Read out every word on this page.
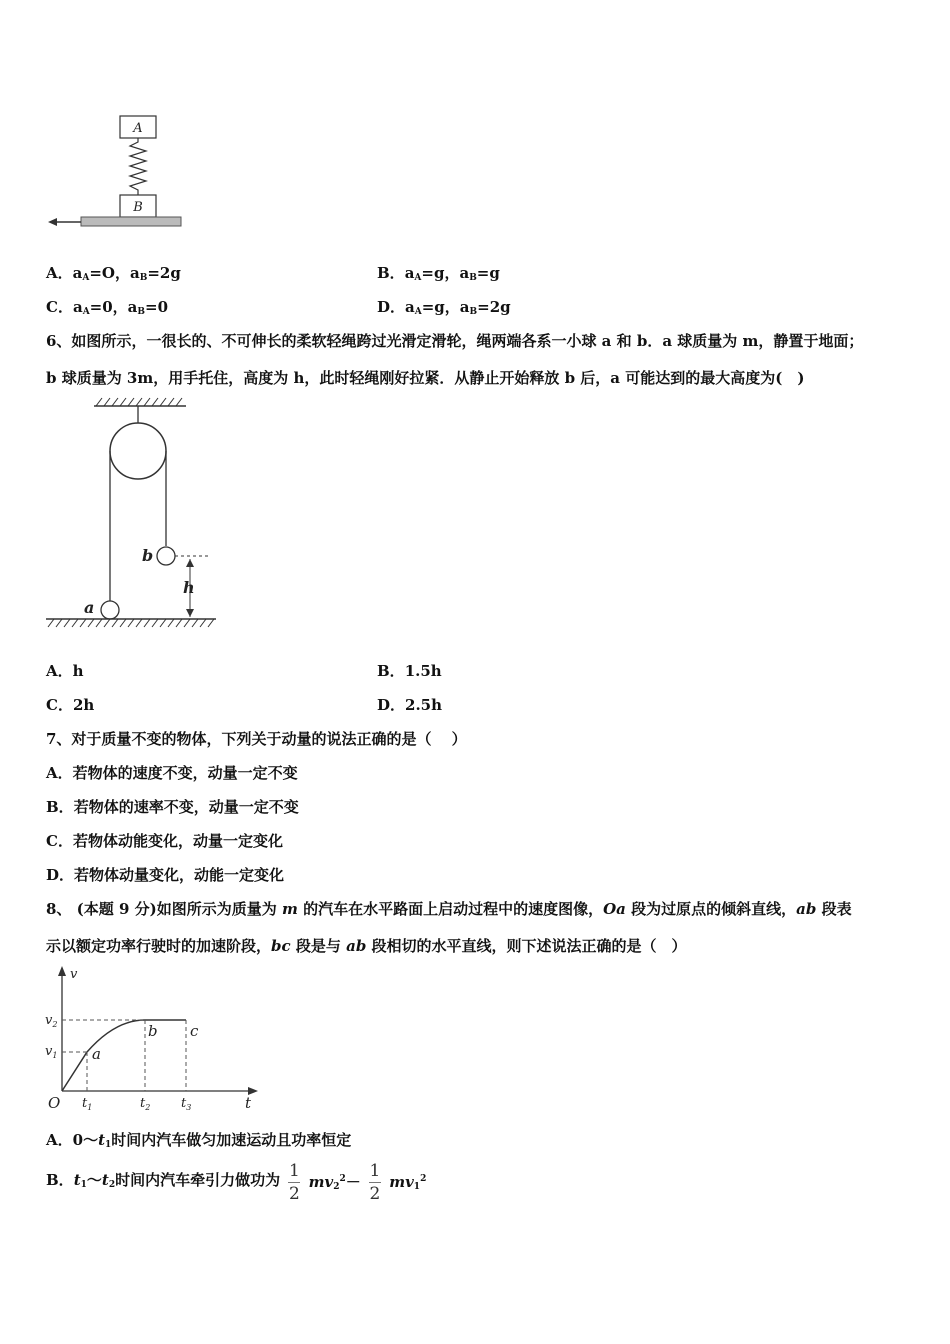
A
B
A．$a_A=O$，$a_B=2g$	B．$a_A=g$，$a_B=g$
C．$a_A=0$，$a_B=0$	D．$a_A=g$，$a_B=2g$
6、如图所示，一很长的、不可伸长的柔软轻绳跨过光滑定滑轮，绳两端各系一小球 a 和 b．a 球质量为 m，静置于地面；
b 球质量为 3m，用手托住，高度为 h，此时轻绳刚好拉紧．从静止开始释放 b 后，a 可能达到的最大高度为(　)
b
h
a
A．h	B．1.5h
C．2h	D．2.5h
7、对于质量不变的物体，下列关于动量的说法正确的是（　 ）
A．若物体的速度不变，动量一定不变
B．若物体的速率不变，动量一定不变
C．若物体动能变化，动量一定变化
D．若物体动量变化，动能一定变化
8、 (本题 9 分)如图所示为质量为 m 的汽车在水平路面上启动过程中的速度图像，Oa 段为过原点的倾斜直线，ab 段表
示以额定功率行驶时的加速阶段，bc 段是与 ab 段相切的水平直线，则下述说法正确的是（　）
v
t
O
$v_2$
$v_1$
$t_1$	$t_2$ $t_3$
a
b c
A．$0\sim t_1$时间内汽车做匀加速运动且功率恒定
B．$t_1\sim t_2$时间内汽车牵引力做功为 $\frac{1}{2} mv_2^2- \frac{1}{2} mv_1^2$
